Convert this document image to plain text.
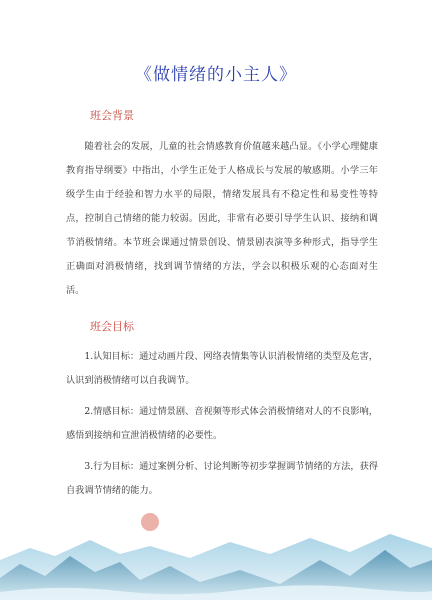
《做情绪的小主人》
班会背景
随着社会的发展，儿童的社会情感教育价值越来越凸显。《小学心理健康教育指导纲要》中指出，小学生正处于人格成长与发展的敏感期。小学三年级学生由于经验和智力水平的局限，情绪发展具有不稳定性和易变性等特点，控制自己情绪的能力较弱。因此，非常有必要引导学生认识、接纳和调节消极情绪。本节班会课通过情景创设、情景剧表演等多种形式，指导学生正确面对消极情绪，找到调节情绪的方法，学会以积极乐观的心态面对生活。
班会目标
1.认知目标：通过动画片段、网络表情集等认识消极情绪的类型及危害，认识到消极情绪可以自我调节。
2.情感目标：通过情景剧、音视频等形式体会消极情绪对人的不良影响，感悟到接纳和宣泄消极情绪的必要性。
3.行为目标：通过案例分析、讨论判断等初步掌握调节情绪的方法，获得自我调节情绪的能力。
